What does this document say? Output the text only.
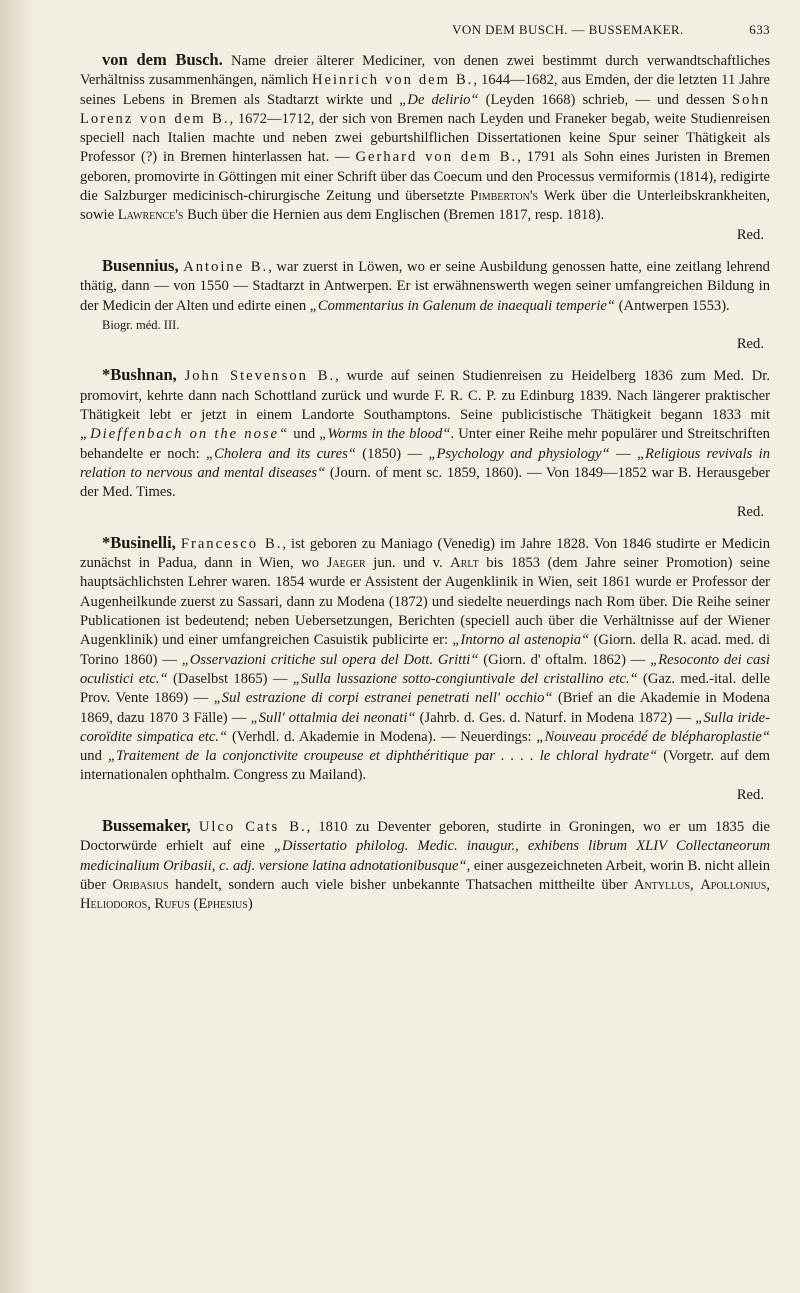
VON DEM BUSCH. — BUSSEMAKER.	633

von dem Busch. Name dreier älterer Mediciner, von denen zwei bestimmt durch verwandtschaftliches Verhältniss zusammenhängen, nämlich Heinrich von dem B., 1644—1682, aus Emden, der die letzten 11 Jahre seines Lebens in Bremen als Stadtarzt wirkte und „De delirio“ (Leyden 1668) schrieb, — und dessen Sohn Lorenz von dem B., 1672—1712, der sich von Bremen nach Leyden und Franeker begab, weite Studienreisen speciell nach Italien machte und neben zwei geburtshilflichen Dissertationen keine Spur seiner Thätigkeit als Professor (?) in Bremen hinterlassen hat. — Gerhard von dem B., 1791 als Sohn eines Juristen in Bremen geboren, promovirte in Göttingen mit einer Schrift über das Coecum und den Processus vermiformis (1814), redigirte die Salzburger medicinisch-chirurgische Zeitung und übersetzte Pimberton's Werk über die Unterleibskrankheiten, sowie Lawrence's Buch über die Hernien aus dem Englischen (Bremen 1817, resp. 1818).

Red.

Busennius, Antoine B., war zuerst in Löwen, wo er seine Ausbildung genossen hatte, eine zeitlang lehrend thätig, dann — von 1550 — Stadtarzt in Antwerpen. Er ist erwähnenswerth wegen seiner umfangreichen Bildung in der Medicin der Alten und edirte einen „Commentarius in Galenum de inaequali temperie“ (Antwerpen 1553).

Biogr. méd. III.
Red.

*Bushnan, John Stevenson B., wurde auf seinen Studienreisen zu Heidelberg 1836 zum Med. Dr. promovirt, kehrte dann nach Schottland zurück und wurde F. R. C. P. zu Edinburg 1839. Nach längerer praktischer Thätigkeit lebt er jetzt in einem Landorte Southamptons. Seine publicistische Thätigkeit begann 1833 mit „Dieffenbach on the nose“ und „Worms in the blood“. Unter einer Reihe mehr populärer und Streitschriften behandelte er noch: „Cholera and its cures“ (1850) — „Psychology and physiology“ — „Religious revivals in relation to nervous and mental diseases“ (Journ. of ment sc. 1859, 1860). — Von 1849—1852 war B. Herausgeber der Med. Times.

Red.

*Businelli, Francesco B., ist geboren zu Maniago (Venedig) im Jahre 1828. Von 1846 studirte er Medicin zunächst in Padua, dann in Wien, wo Jaeger jun. und v. Arlt bis 1853 (dem Jahre seiner Promotion) seine hauptsächlichsten Lehrer waren. 1854 wurde er Assistent der Augenklinik in Wien, seit 1861 wurde er Professor der Augenheilkunde zuerst zu Sassari, dann zu Modena (1872) und siedelte neuerdings nach Rom über. Die Reihe seiner Publicationen ist bedeutend; neben Uebersetzungen, Berichten (speciell auch über die Verhältnisse auf der Wiener Augenklinik) und einer umfangreichen Casuistik publicirte er: „Intorno al astenopia“ (Giorn. della R. acad. med. di Torino 1860) — „Osservazioni critiche sul opera del Dott. Gritti“ (Giorn. d' oftalm. 1862) — „Resoconto dei casi oculistici etc.“ (Daselbst 1865) — „Sulla lussazione sotto-congiuntivale del cristallino etc.“ (Gaz. med.-ital. delle Prov. Vente 1869) — „Sul estrazione di corpi estranei penetrati nell' occhio“ (Brief an die Akademie in Modena 1869, dazu 1870 3 Fälle) — „Sull' ottalmia dei neonati“ (Jahrb. d. Ges. d. Naturf. in Modena 1872) — „Sulla iride-coroïdite simpatica etc.“ (Verhdl. d. Akademie in Modena). — Neuerdings: „Nouveau procédé de blépharoplastie“ und „Traitement de la conjonctivite croupeuse et diphthéritique par . . . . le chloral hydrate“ (Vorgetr. auf dem internationalen ophthalm. Congress zu Mailand).

Red.

Bussemaker, Ulco Cats B., 1810 zu Deventer geboren, studirte in Groningen, wo er um 1835 die Doctorwürde erhielt auf eine „Dissertatio philolog. Medic. inaugur., exhibens librum XLIV Collectaneorum medicinalium Oribasii, c. adj. versione latina adnotationibusque“, einer ausgezeichneten Arbeit, worin B. nicht allein über Oribasius handelt, sondern auch viele bisher unbekannte Thatsachen mittheilte über Antyllus, Apollonius, Heliodoros, Rufus (Ephesius)
